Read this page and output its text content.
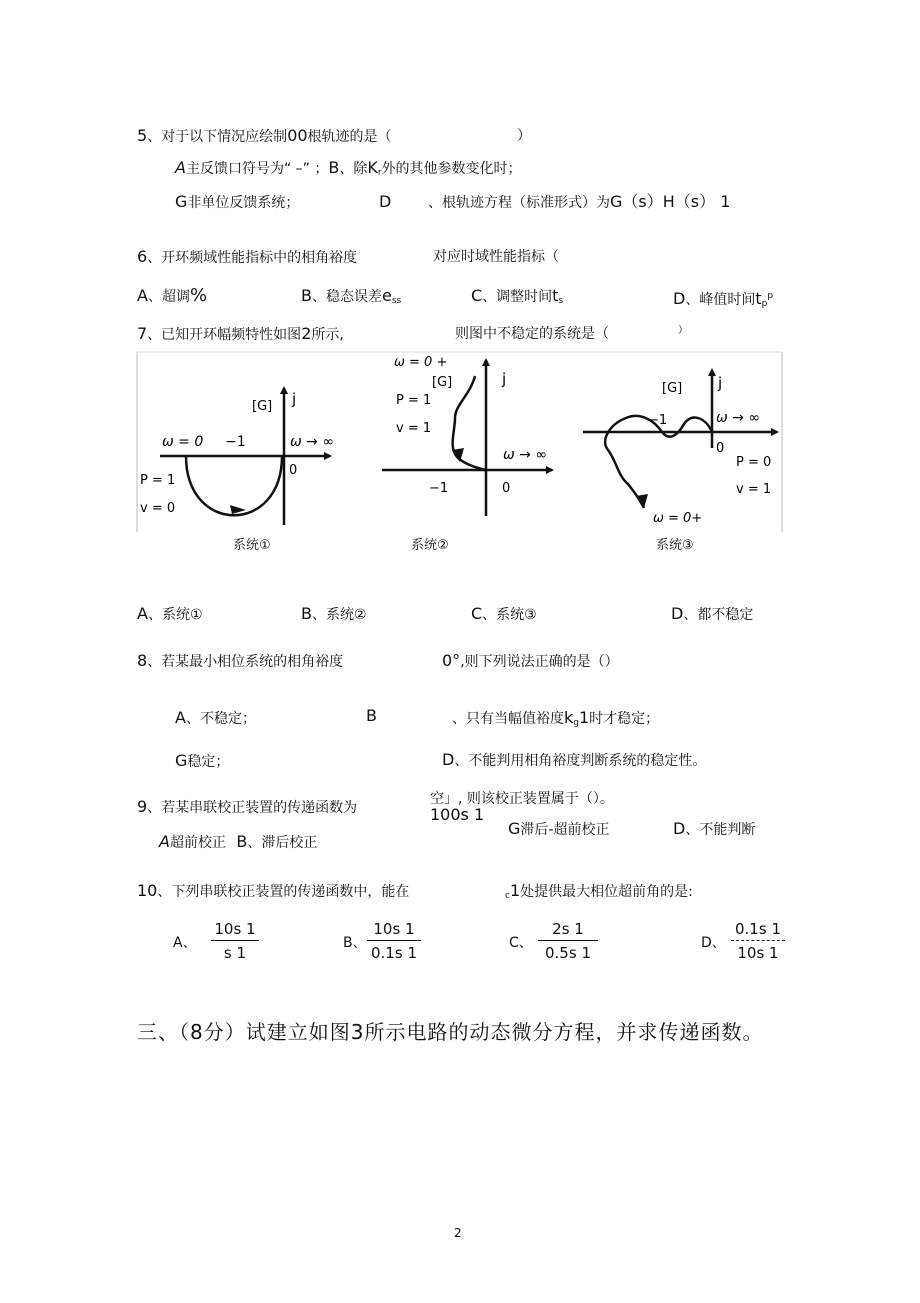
5、对于以下情况应绘制00根轨迹的是（	）
A主反馈口符号为“ –” ；B、除Kr外的其他参数变化时；
G非单位反馈系统；	D	、根轨迹方程（标准形式）为G（s）H（s） 1
6、开环频域性能指标中的相角裕度	对应时域性能指标（
A、超调%	B、稳态误差ess	C、调整时间ts	D、峰值时间$tp^p$
7、已知开环幅频特性如图2所示,	则图中不稳定的系统是（	）
[G] j
ω = 0 −1	ω → ∞
0
P = 1
v = 0
ω = 0 +
[G]	j
P = 1
v = 1
ω → ∞
−1	0
[G] j
−1	ω → ∞
0
P = 0
v = 1
ω = 0+
系统①	系统②	系统③
A、系统①	B、系统②	C、系统③	D、都不稳定
8、若某最小相位系统的相角裕度	0°,则下列说法正确的是（）
A、不稳定；	B	、只有当幅值裕度kg1时才稳定；
G稳定；	D、不能判用相角裕度判断系统的稳定性。
9、若某串联校正装置的传递函数为
空」, 则该校正装置属于（）。
100s 1
A超前校正 B、滞后校正
G滞后-超前校正	D、不能判断
10、下列串联校正装置的传递函数中，能在	c1处提供最大相位超前角的是:
A、
10s 1
s 1
B、
10s 1
0.1s 1
C、
2s 1
0.5s 1
D、
0.1s 1
10s 1
三、（8分）试建立如图3所示电路的动态微分方程，并求传递函数。
2
